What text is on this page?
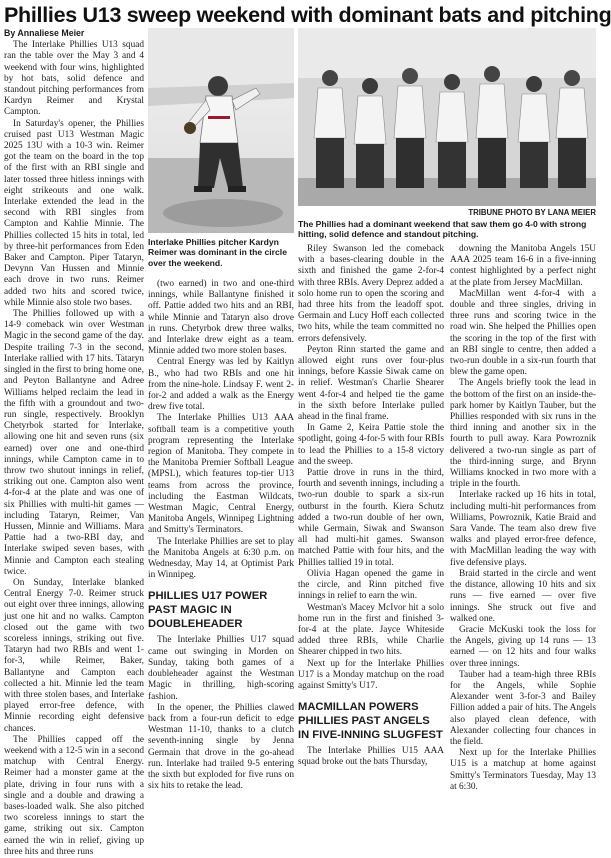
Phillies U13 sweep weekend with dominant bats and pitching

By Annaliese Meier

The Interlake Phillies U13 squad ran the table over the May 3 and 4 weekend with four wins, highlighted by hot bats, solid defence and standout pitching performances from Kardyn Reimer and Krystal Campton.

In Saturday's opener, the Phillies cruised past U13 Westman Magic 2025 13U with a 10-3 win. Reimer got the team on the board in the top of the first with an RBI single and later tossed three hitless innings with eight strikeouts and one walk. Interlake extended the lead in the second with RBI singles from Campton and Kahlie Minnie. The Phillies collected 15 hits in total, led by three-hit performances from Eden Baker and Campton. Piper Tataryn, Devynn Van Hussen and Minnie each drove in two runs. Reimer added two hits and scored twice, while Minnie also stole two bases.

The Phillies followed up with a 14-9 comeback win over Westman Magic in the second game of the day. Despite trailing 7-3 in the second, Interlake rallied with 17 hits. Tataryn singled in the first to bring home one, and Peyton Ballantyne and Adree Williams helped reclaim the lead in the fifth with a groundout and two-run single, respectively. Brooklyn Chetyrbok started for Interlake, allowing one hit and seven runs (six earned) over one and one-third innings, while Campton came in to throw two shutout innings in relief, striking out one. Campton also went 4-for-4 at the plate and was one of six Phillies with multi-hit games — including Tataryn, Reimer, Van Hussen, Minnie and Williams. Mara Pattie had a two-RBI day, and Interlake swiped seven bases, with Minnie and Campton each stealing twice.

On Sunday, Interlake blanked Central Energy 7-0. Reimer struck out eight over three innings, allowing just one hit and no walks. Campton closed out the game with two scoreless innings, striking out five. Tataryn had two RBIs and went 1-for-3, while Reimer, Baker, Ballantyne and Campton each collected a hit. Minnie led the team with three stolen bases, and Interlake played error-free defence, with Minnie recording eight defensive chances.

The Phillies capped off the weekend with a 12-5 win in a second matchup with Central Energy. Reimer had a monster game at the plate, driving in four runs with a single and a double and drawing a bases-loaded walk. She also pitched two scoreless innings to start the game, striking out six. Campton earned the win in relief, giving up three hits and three runs

Interlake Phillies pitcher Kardyn Reimer was dominant in the circle over the weekend.
TRIBUNE PHOTO BY LANA MEIER
The Phillies had a dominant weekend that saw them go 4-0 with strong hitting, solid defence and standout pitching.

(two earned) in two and one-third innings, while Ballantyne finished it off. Pattie added two hits and an RBI, while Minnie and Tataryn also drove in runs. Chetyrbok drew three walks, and Interlake drew eight as a team. Minnie added two more stolen bases.

Central Energy was led by Kaitlyn B., who had two RBIs and one hit from the nine-hole. Lindsay F. went 2-for-2 and added a walk as the Energy drew five total.

The Interlake Phillies U13 AAA softball team is a competitive youth program representing the Interlake region of Manitoba. They compete in the Manitoba Premier Softball League (MPSL), which features top-tier U13 teams from across the province, including the Eastman Wildcats, Westman Magic, Central Energy, Manitoba Angels, Winnipeg Lightning and Smitty's Terminators.

The Interlake Phillies are set to play the Manitoba Angels at 6:30 p.m. on Wednesday, May 14, at Optimist Park in Winnipeg.

PHILLIES U17 POWER PAST MAGIC IN DOUBLEHEADER

The Interlake Phillies U17 squad came out swinging in Morden on Sunday, taking both games of a doubleheader against the Westman Magic in thrilling, high-scoring fashion.

In the opener, the Phillies clawed back from a four-run deficit to edge Westman 11-10, thanks to a clutch seventh-inning single by Jenna Germain that drove in the go-ahead run. Interlake had trailed 9-5 entering the sixth but exploded for five runs on six hits to retake the lead.

Riley Swanson led the comeback with a bases-clearing double in the sixth and finished the game 2-for-4 with three RBIs. Avery Deprez added a solo home run to open the scoring and had three hits from the leadoff spot. Germain and Lucy Hoff each collected two hits, while the team committed no errors defensively.

Peyton Rinn started the game and allowed eight runs over four-plus innings, before Kassie Siwak came on in relief. Westman's Charlie Shearer went 4-for-4 and helped tie the game in the sixth before Interlake pulled ahead in the final frame.

In Game 2, Keira Pattie stole the spotlight, going 4-for-5 with four RBIs to lead the Phillies to a 15-8 victory and the sweep.

Pattie drove in runs in the third, fourth and seventh innings, including a two-run double to spark a six-run outburst in the fourth. Kiera Schutz added a two-run double of her own, while Germain, Siwak and Swanson all had multi-hit games. Swanson matched Pattie with four hits, and the Phillies tallied 19 in total.

Olivia Hagan opened the game in the circle, and Rinn pitched five innings in relief to earn the win.

Westman's Macey McIvor hit a solo home run in the first and finished 3-for-4 at the plate. Jayce Whiteside added three RBIs, while Charlie Shearer chipped in two hits.

Next up for the Interlake Phillies U17 is a Monday matchup on the road against Smitty's U17.

MACMILLAN POWERS PHILLIES PAST ANGELS IN FIVE-INNING SLUGFEST

The Interlake Phillies U15 AAA squad broke out the bats Thursday,

downing the Manitoba Angels 15U AAA 2025 team 16-6 in a five-inning contest highlighted by a perfect night at the plate from Jersey MacMillan.

MacMillan went 4-for-4 with a double and three singles, driving in three runs and scoring twice in the road win. She helped the Phillies open the scoring in the top of the first with an RBI single to centre, then added a two-run double in a six-run fourth that blew the game open.

The Angels briefly took the lead in the bottom of the first on an inside-the-park homer by Kaitlyn Tauber, but the Phillies responded with six runs in the third inning and another six in the fourth to pull away. Kara Powroznik delivered a two-run single as part of the third-inning surge, and Brynn Williams knocked in two more with a triple in the fourth.

Interlake racked up 16 hits in total, including multi-hit performances from Williams, Powroznik, Katie Braid and Sara Vande. The team also drew five walks and played error-free defence, with MacMillan leading the way with five defensive plays.

Braid started in the circle and went the distance, allowing 10 hits and six runs — five earned — over five innings. She struck out five and walked one.

Gracie McKuski took the loss for the Angels, giving up 14 runs — 13 earned — on 12 hits and four walks over three innings.

Tauber had a team-high three RBIs for the Angels, while Sophie Alexander went 3-for-3 and Bailey Fillion added a pair of hits. The Angels also played clean defence, with Alexander collecting four chances in the field.

Next up for the Interlake Phillies U15 is a matchup at home against Smitty's Terminators Tuesday, May 13 at 6:30.
